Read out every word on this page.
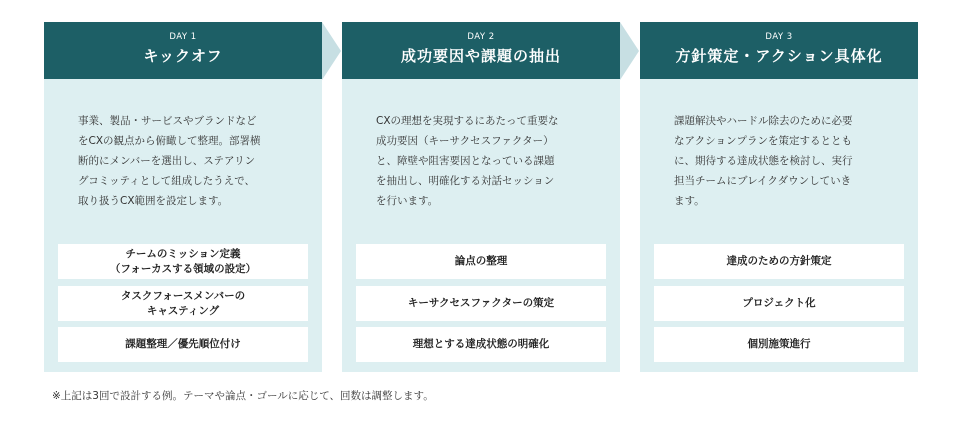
DAY 1
キックオフ
事業、製品・サービスやブランドなど
をCXの観点から俯瞰して整理。部署横
断的にメンバーを選出し、ステアリン
グコミッティとして組成したうえで、
取り扱うCX範囲を設定します。
チームのミッション定義
（フォーカスする領域の設定）
タスクフォースメンバーの
キャスティング
課題整理／優先順位付け
DAY 2
成功要因や課題の抽出
CXの理想を実現するにあたって重要な
成功要因（キーサクセスファクター）
と、障壁や阻害要因となっている課題
を抽出し、明確化する対話セッション
を行います。
論点の整理
キーサクセスファクターの策定
理想とする達成状態の明確化
DAY 3
方針策定・アクション具体化
課題解決やハードル除去のために必要
なアクションプランを策定するととも
に、期待する達成状態を検討し、実行
担当チームにブレイクダウンしていき
ます。
達成のための方針策定
プロジェクト化
個別施策進行
※上記は3回で設計する例。テーマや論点・ゴールに応じて、回数は調整します。
